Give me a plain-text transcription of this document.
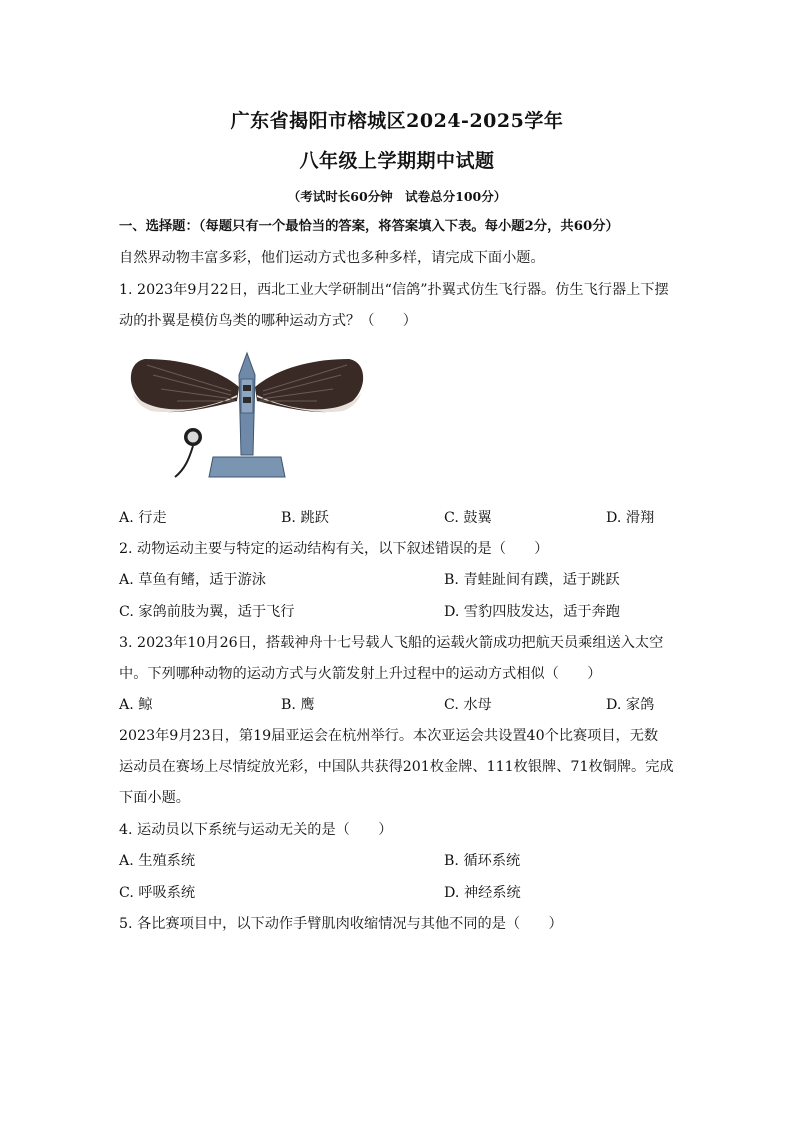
广东省揭阳市榕城区2024-2025学年
八年级上学期期中试题
（考试时长60分钟　试卷总分100分）
一、选择题：（每题只有一个最恰当的答案，将答案填入下表。每小题2分，共60分）
自然界动物丰富多彩，他们运动方式也多种多样，请完成下面小题。
1. 2023年9月22日，西北工业大学研制出“信鸽”扑翼式仿生飞行器。仿生飞行器上下摆
动的扑翼是模仿鸟类的哪种运动方式？（　　）
A. 行走	B. 跳跃	C. 鼓翼	D. 滑翔
2. 动物运动主要与特定的运动结构有关，以下叙述错误的是（　　）
A. 草鱼有鳍，适于游泳	B. 青蛙趾间有蹼，适于跳跃
C. 家鸽前肢为翼，适于飞行	D. 雪豹四肢发达，适于奔跑
3. 2023年10月26日，搭载神舟十七号载人飞船的运载火箭成功把航天员乘组送入太空
中。下列哪种动物的运动方式与火箭发射上升过程中的运动方式相似（　　）
A. 鲸	B. 鹰	C. 水母	D. 家鸽
2023年9月23日，第19届亚运会在杭州举行。本次亚运会共设置40个比赛项目，无数
运动员在赛场上尽情绽放光彩，中国队共获得201枚金牌、111枚银牌、71枚铜牌。完成
下面小题。
4. 运动员以下系统与运动无关的是（　　）
A. 生殖系统	B. 循环系统
C. 呼吸系统	D. 神经系统
5. 各比赛项目中，以下动作手臂肌肉收缩情况与其他不同的是（　　）
